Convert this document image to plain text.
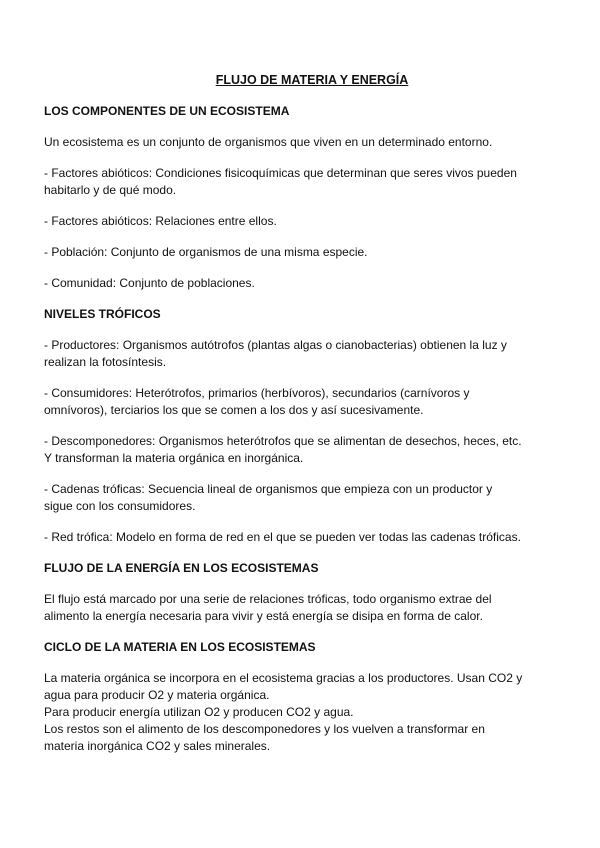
FLUJO DE MATERIA Y ENERGÍA
LOS COMPONENTES DE UN ECOSISTEMA
Un ecosistema es un conjunto de organismos que viven en un determinado entorno.
- Factores abióticos: Condiciones fisicoquímicas que determinan que seres vivos pueden
habitarlo y de qué modo.
- Factores abióticos: Relaciones entre ellos.
- Población: Conjunto de organismos de una misma especie.
- Comunidad: Conjunto de poblaciones.
NIVELES TRÓFICOS
- Productores: Organismos autótrofos (plantas algas o cianobacterias) obtienen la luz y
realizan la fotosíntesis.
- Consumidores: Heterótrofos, primarios (herbívoros), secundarios (carnívoros y
omnívoros), terciarios los que se comen a los dos y así sucesivamente.
- Descomponedores: Organismos heterótrofos que se alimentan de desechos, heces, etc.
Y transforman la materia orgánica en inorgánica.
- Cadenas tróficas: Secuencia lineal de organismos que empieza con un productor y
sigue con los consumidores.
- Red trófica: Modelo en forma de red en el que se pueden ver todas las cadenas tróficas.
FLUJO DE LA ENERGÍA EN LOS ECOSISTEMAS
El flujo está marcado por una serie de relaciones tróficas, todo organismo extrae del
alimento la energía necesaria para vivir y está energía se disipa en forma de calor.
CICLO DE LA MATERIA EN LOS ECOSISTEMAS
La materia orgánica se incorpora en el ecosistema gracias a los productores. Usan CO2 y
agua para producir O2 y materia orgánica.
Para producir energía utilizan O2 y producen CO2 y agua.
Los restos son el alimento de los descomponedores y los vuelven a transformar en
materia inorgánica CO2 y sales minerales.
